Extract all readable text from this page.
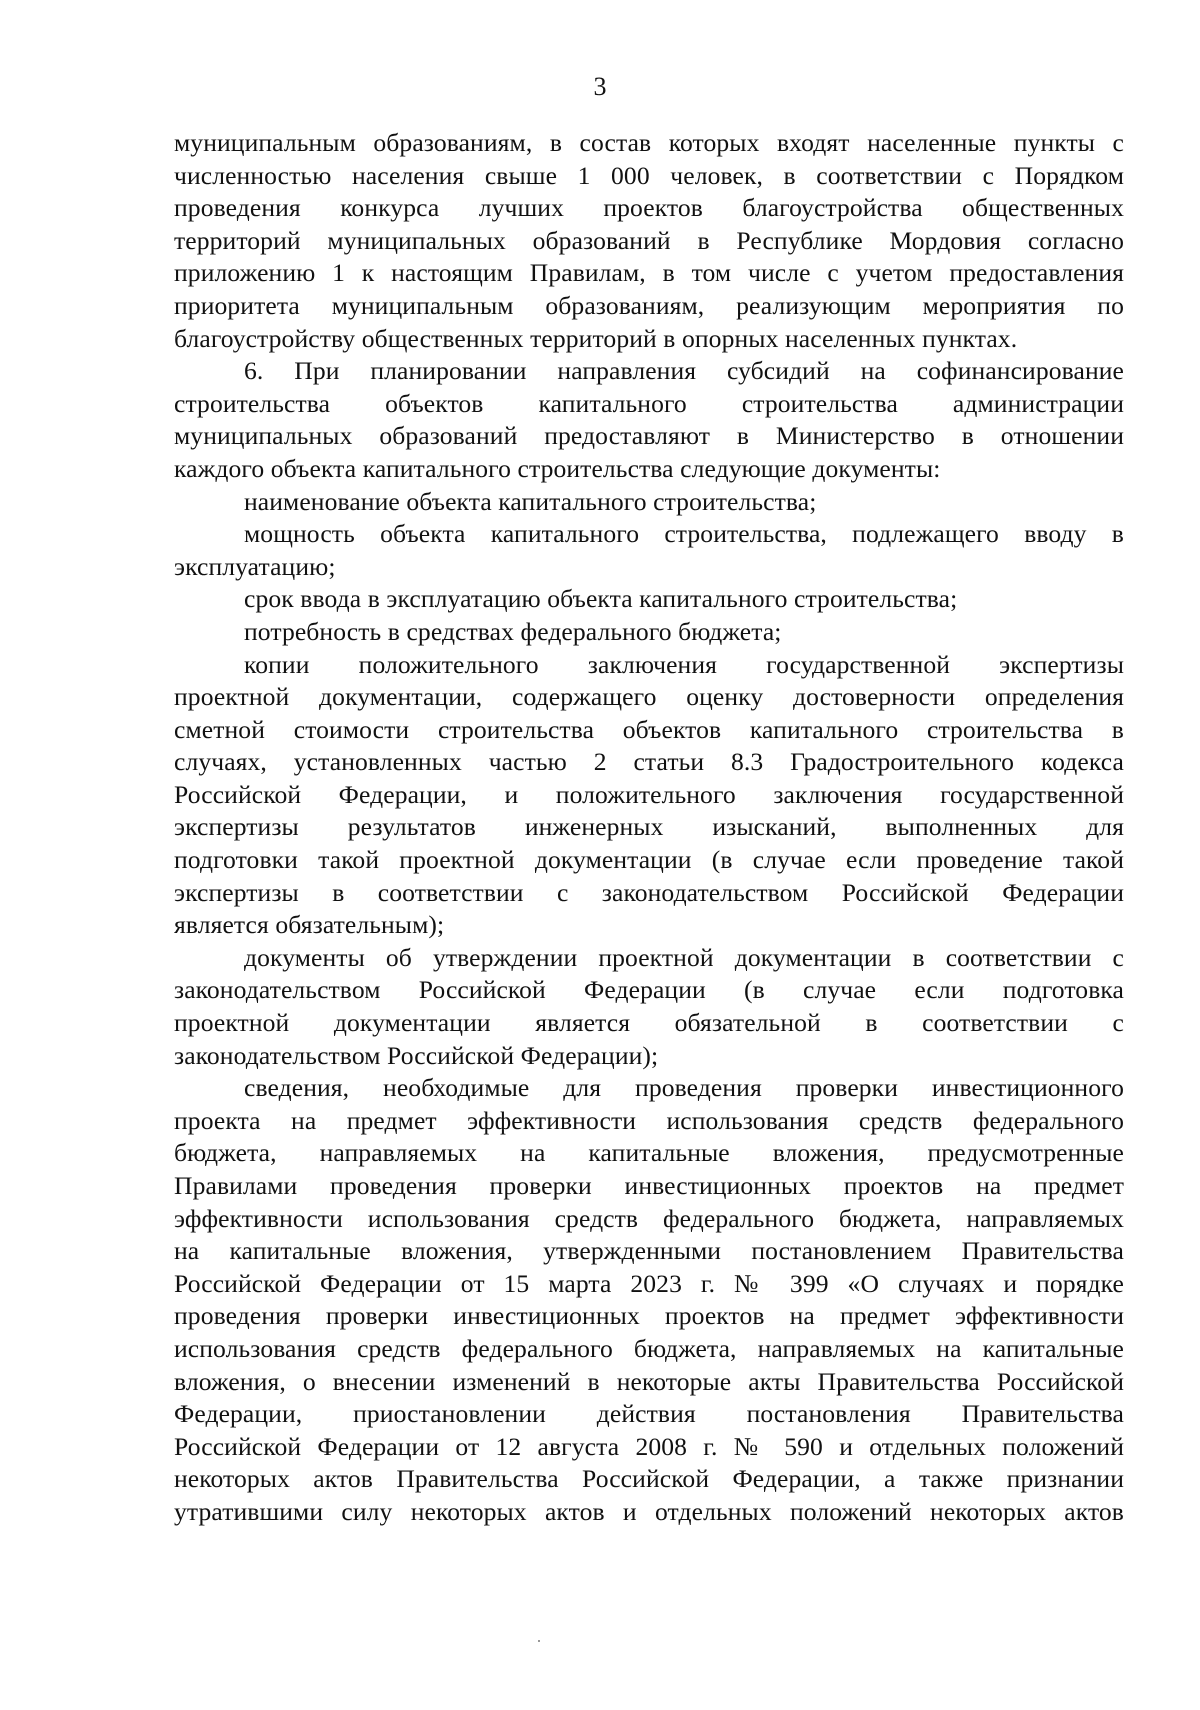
3
муниципальным образованиям, в состав которых входят населенные пункты с
численностью населения свыше 1 000 человек, в соответствии с Порядком
проведения конкурса лучших проектов благоустройства общественных
территорий муниципальных образований в Республике Мордовия согласно
приложению 1 к настоящим Правилам, в том числе с учетом предоставления
приоритета муниципальным образованиям, реализующим мероприятия по
благоустройству общественных территорий в опорных населенных пунктах.
6. При планировании направления субсидий на софинансирование
строительства объектов капитального строительства администрации
муниципальных образований предоставляют в Министерство в отношении
каждого объекта капитального строительства следующие документы:
наименование объекта капитального строительства;
мощность объекта капитального строительства, подлежащего вводу в
эксплуатацию;
срок ввода в эксплуатацию объекта капитального строительства;
потребность в средствах федерального бюджета;
копии положительного заключения государственной экспертизы
проектной документации, содержащего оценку достоверности определения
сметной стоимости строительства объектов капитального строительства в
случаях, установленных частью 2 статьи 8.3 Градостроительного кодекса
Российской Федерации, и положительного заключения государственной
экспертизы результатов инженерных изысканий, выполненных для
подготовки такой проектной документации (в случае если проведение такой
экспертизы в соответствии с законодательством Российской Федерации
является обязательным);
документы об утверждении проектной документации в соответствии с
законодательством Российской Федерации (в случае если подготовка
проектной документации является обязательной в соответствии с
законодательством Российской Федерации);
сведения, необходимые для проведения проверки инвестиционного
проекта на предмет эффективности использования средств федерального
бюджета, направляемых на капитальные вложения, предусмотренные
Правилами проведения проверки инвестиционных проектов на предмет
эффективности использования средств федерального бюджета, направляемых
на капитальные вложения, утвержденными постановлением Правительства
Российской Федерации от 15 марта 2023 г. № 399 «О случаях и порядке
проведения проверки инвестиционных проектов на предмет эффективности
использования средств федерального бюджета, направляемых на капитальные
вложения, о внесении изменений в некоторые акты Правительства Российской
Федерации, приостановлении действия постановления Правительства
Российской Федерации от 12 августа 2008 г. № 590 и отдельных положений
некоторых актов Правительства Российской Федерации, а также признании
утратившими силу некоторых актов и отдельных положений некоторых актов
